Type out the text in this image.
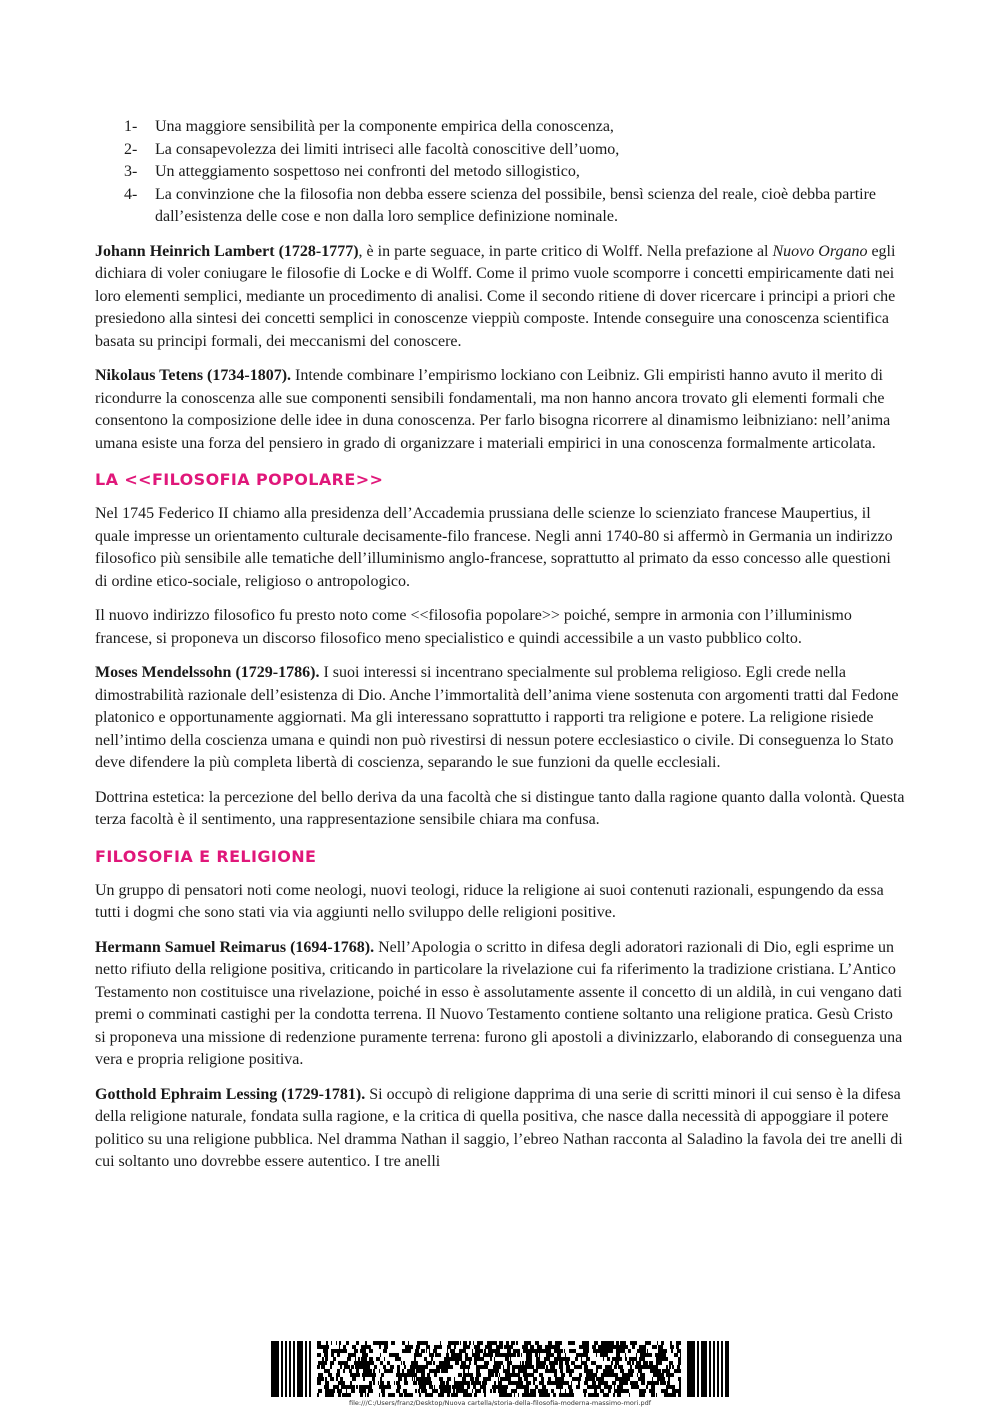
1-	Una maggiore sensibilità per la componente empirica della conoscenza,
2-	La consapevolezza dei limiti intriseci alle facoltà conoscitive dell’uomo,
3-	Un atteggiamento sospettoso nei confronti del metodo sillogistico,
4-	La convinzione che la filosofia non debba essere scienza del possibile, bensì scienza del reale, cioè debba partire dall’esistenza delle cose e non dalla loro semplice definizione nominale.

Johann Heinrich Lambert (1728-1777), è in parte seguace, in parte critico di Wolff. Nella prefazione al Nuovo Organo egli dichiara di voler coniugare le filosofie di Locke e di Wolff. Come il primo vuole scomporre i concetti empiricamente dati nei loro elementi semplici, mediante un procedimento di analisi. Come il secondo ritiene di dover ricercare i principi a priori che presiedono alla sintesi dei concetti semplici in conoscenze vieppiù composte. Intende conseguire una conoscenza scientifica basata su principi formali, dei meccanismi del conoscere.

Nikolaus Tetens (1734-1807). Intende combinare l’empirismo lockiano con Leibniz. Gli empiristi hanno avuto il merito di ricondurre la conoscenza alle sue componenti sensibili fondamentali, ma non hanno ancora trovato gli elementi formali che consentono la composizione delle idee in duna conoscenza. Per farlo bisogna ricorrere al dinamismo leibniziano: nell’anima umana esiste una forza del pensiero in grado di organizzare i materiali empirici in una conoscenza formalmente articolata.

LA <<FILOSOFIA POPOLARE>>

Nel 1745 Federico II chiamo alla presidenza dell’Accademia prussiana delle scienze lo scienziato francese Maupertius, il quale impresse un orientamento culturale decisamente-filo francese. Negli anni 1740-80 si affermò in Germania un indirizzo filosofico più sensibile alle tematiche dell’illuminismo anglo-francese, soprattutto al primato da esso concesso alle questioni di ordine etico-sociale, religioso o antropologico.

Il nuovo indirizzo filosofico fu presto noto come <<filosofia popolare>> poiché, sempre in armonia con l’illuminismo francese, si proponeva un discorso filosofico meno specialistico e quindi accessibile a un vasto pubblico colto.

Moses Mendelssohn (1729-1786). I suoi interessi si incentrano specialmente sul problema religioso. Egli crede nella dimostrabilità razionale dell’esistenza di Dio. Anche l’immortalità dell’anima viene sostenuta con argomenti tratti dal Fedone platonico e opportunamente aggiornati. Ma gli interessano soprattutto i rapporti tra religione e potere. La religione risiede nell’intimo della coscienza umana e quindi non può rivestirsi di nessun potere ecclesiastico o civile. Di conseguenza lo Stato deve difendere la più completa libertà di coscienza, separando le sue funzioni da quelle ecclesiali.

Dottrina estetica: la percezione del bello deriva da una facoltà che si distingue tanto dalla ragione quanto dalla volontà. Questa terza facoltà è il sentimento, una rappresentazione sensibile chiara ma confusa.

FILOSOFIA E RELIGIONE

Un gruppo di pensatori noti come neologi, nuovi teologi, riduce la religione ai suoi contenuti razionali, espungendo da essa tutti i dogmi che sono stati via via aggiunti nello sviluppo delle religioni positive.

Hermann Samuel Reimarus (1694-1768). Nell’Apologia o scritto in difesa degli adoratori razionali di Dio, egli esprime un netto rifiuto della religione positiva, criticando in particolare la rivelazione cui fa riferimento la tradizione cristiana. L’Antico Testamento non costituisce una rivelazione, poiché in esso è assolutamente assente il concetto di un aldilà, in cui vengano dati premi o comminati castighi per la condotta terrena. Il Nuovo Testamento contiene soltanto una religione pratica. Gesù Cristo si proponeva una missione di redenzione puramente terrena: furono gli apostoli a divinizzarlo, elaborando di conseguenza una vera e propria religione positiva.

Gotthold Ephraim Lessing (1729-1781). Si occupò di religione dapprima di una serie di scritti minori il cui senso è la difesa della religione naturale, fondata sulla ragione, e la critica di quella positiva, che nasce dalla necessità di appoggiare il potere politico su una religione pubblica. Nel dramma Nathan il saggio, l’ebreo Nathan racconta al Saladino la favola dei tre anelli di cui soltanto uno dovrebbe essere autentico. I tre anelli

file:///C:/Users/franz/Desktop/Nuova cartella/storia-della-filosofia-moderna-massimo-mori.pdf
